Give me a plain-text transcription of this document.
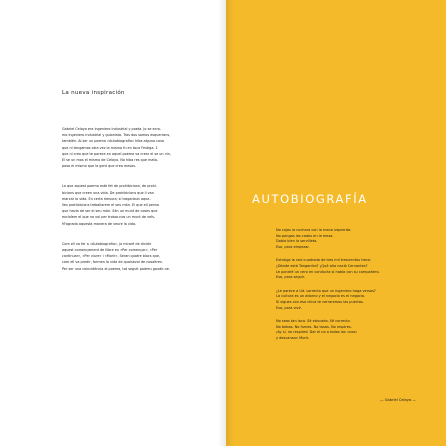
La nueva inspiración

Gabriel Celaya era ingeniero industrial y poeta. Jo se ecro-
mo ingeniero industrial y guionista. Tras dos somos esquerrans,
también. Al ser un poema «Autobiografía» hiba alguna cosa
que ni tengamos otra vez la misma fu en toca Festiga. 1
que ni creo que te parece en aquel poema va crear el se un nin,
El se un mos el mismo de Celaya. No hiba res que mata-
pasa el mismo que la gent que crea mesos.

Lo que aquest poema està fet de prohibicions, de prohi-
bicions que creen una vida. De prohibicions que li van
marcar la vida. En certa mesura, sí tragaràsin aque-
lles prohibicions treballarem el seu món. El que ell pensa
que havia de ser el seu món. Sén un munt de coses que
excloïem el que no vol per trobar-nos un munt de veïs-
M'agrada aquesta manera de veure la vida.

Com ell va fer a «Autobiografía», jo miraré de dividir
aquest començament de llibre en «Per començar», «Per
continuar», «Per viure» i «Morir». Seran quatre blocs que,
com ell va predir, formen la vida de qualsevol de nosaltres.
Per ser una coincidència el poema, tot seguit podreu gaudir-ne.

AUTOBIOGRAFÍA

No cojas la cuchara con la mano izquierda.
No pongas los codos en la mesa.
Dobla bien la servilleta.
Eso, para empezar.

Extraiga la raíz cuadrada de tres mil trescientos trece.
¿Dónde está Tanganika? ¿Qué año nació Cervantes?
Le pondré un cero en conducta si habla con su compañero.
Eso, para seguir.

¿Le parece a Ud. correcto que un ingeniero haga versos?
La cultura es un adorno y el negocio es el negocio.
Si sigues con esa chica te cerraremos las puertas.
Eso, para vivir.

No seas tan loco. Sé educado. Sé correcto.
No bebas. No fumes. No tosas. No respires.
¡Ay sí, no respires! Dar el no a todos los «nos»
y descansar: Morir.

— Gabriel Celaya —
